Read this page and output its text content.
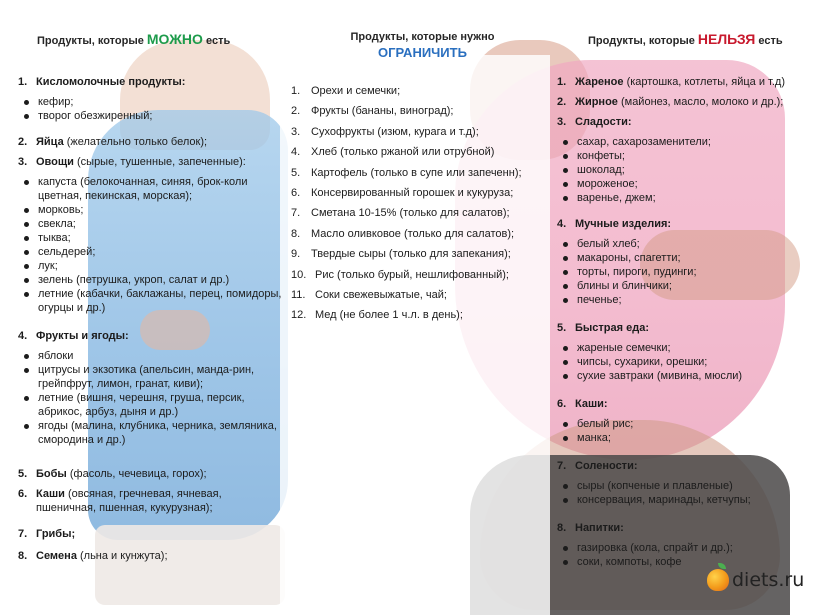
Продукты, которые МОЖНО есть	Продукты, которые нужно
ОГРАНИЧИТЬ
Продукты, которые НЕЛЬЗЯ есть
1. Кисломолочные продукты:
кефир;
творог обезжиренный;
2. Яйца (желательно только белок);
3. Овощи (сырые, тушенные, запеченные):
капуста (белокочанная, синяя, брок-коли цветная, пекинская, морская);
морковь;
свекла;
тыква;
сельдерей;
лук;
зелень (петрушка, укроп, салат и др.)
летние (кабачки, баклажаны, перец, помидоры, огурцы и др.)
4. Фрукты и ягоды:
яблоки
цитрусы и экзотика (апельсин, манда-рин, грейпфрут, лимон, гранат, киви);
летние (вишня, черешня, груша, персик, абрикос, арбуз, дыня и др.)
ягоды (малина, клубника, черника, земляника, смородина и др.)
5. Бобы (фасоль, чечевица, горох);
6. Каши (овсяная, гречневая, ячневая, пшеничная, пшенная, кукурузная);
7. Грибы;
8. Семена (льна и кунжута);
1. Орехи и семечки;
2. Фрукты (бананы, виноград);
3. Сухофрукты (изюм, курага и т.д);
4. Хлеб (только ржаной или отрубной)
5. Картофель (только в супе или запеченн);
6. Консервированный горошек и кукуруза;
7. Сметана 10-15% (только для салатов);
8. Масло оливковое (только для салатов);
9. Твердые сыры (только для запекания);
10. Рис (только бурый, нешлифованный);
11. Соки свежевыжатые, чай;
12. Мед (не более 1 ч.л. в день);
1. Жареное (картошка, котлеты, яйца и т.д)
2. Жирное (майонез, масло, молоко и др.);
3. Сладости:
сахар, сахарозаменители;
конфеты;
шоколад;
мороженое;
варенье, джем;
4. Мучные изделия:
белый хлеб;
макароны, спагетти;
торты, пироги, пудинги;
блины и блинчики;
печенье;
5. Быстрая еда:
жареные семечки;
чипсы, сухарики, орешки;
сухие завтраки (мивина, мюсли)
6. Каши:
белый рис;
манка;
7. Солености:
сыры (копченые и плавленые)
консервация, маринады, кетчупы;
8. Напитки:
газировка (кола, спрайт и др.);
соки, компоты, кофе
diets.ru
